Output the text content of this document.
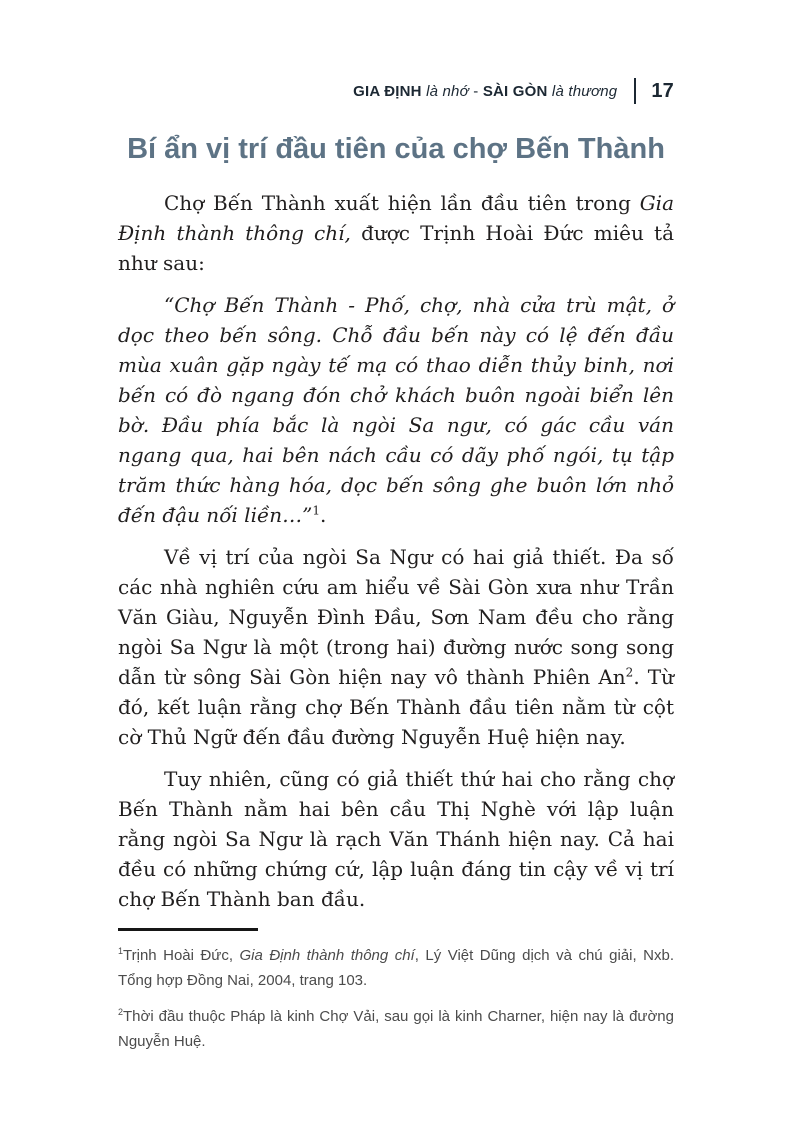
GIA ĐỊNH là nhớ - SÀI GÒN là thương 17
Bí ẩn vị trí đầu tiên của chợ Bến Thành

Chợ Bến Thành xuất hiện lần đầu tiên trong Gia Định thành thông chí, được Trịnh Hoài Đức miêu tả như sau:

“Chợ Bến Thành - Phố, chợ, nhà cửa trù mật, ở dọc theo bến sông. Chỗ đầu bến này có lệ đến đầu mùa xuân gặp ngày tế mạ có thao diễn thủy binh, nơi bến có đò ngang đón chở khách buôn ngoài biển lên bờ. Đầu phía bắc là ngòi Sa ngư, có gác cầu ván ngang qua, hai bên nách cầu có dãy phố ngói, tụ tập trăm thức hàng hóa, dọc bến sông ghe buôn lớn nhỏ đến đậu nối liền…”$^1$.

Về vị trí của ngòi Sa Ngư có hai giả thiết. Đa số các nhà nghiên cứu am hiểu về Sài Gòn xưa như Trần Văn Giàu, Nguyễn Đình Đầu, Sơn Nam đều cho rằng ngòi Sa Ngư là một (trong hai) đường nước song song dẫn từ sông Sài Gòn hiện nay vô thành Phiên An$^2$. Từ đó, kết luận rằng chợ Bến Thành đầu tiên nằm từ cột cờ Thủ Ngữ đến đầu đường Nguyễn Huệ hiện nay.

Tuy nhiên, cũng có giả thiết thứ hai cho rằng chợ Bến Thành nằm hai bên cầu Thị Nghè với lập luận rằng ngòi Sa Ngư là rạch Văn Thánh hiện nay. Cả hai đều có những chứng cứ, lập luận đáng tin cậy về vị trí chợ Bến Thành ban đầu.

$^1$Trịnh Hoài Đức, Gia Định thành thông chí, Lý Việt Dũng dịch và chú giải, Nxb. Tổng hợp Đồng Nai, 2004, trang 103.

$^2$Thời đầu thuộc Pháp là kinh Chợ Vải, sau gọi là kinh Charner, hiện nay là đường Nguyễn Huệ.
